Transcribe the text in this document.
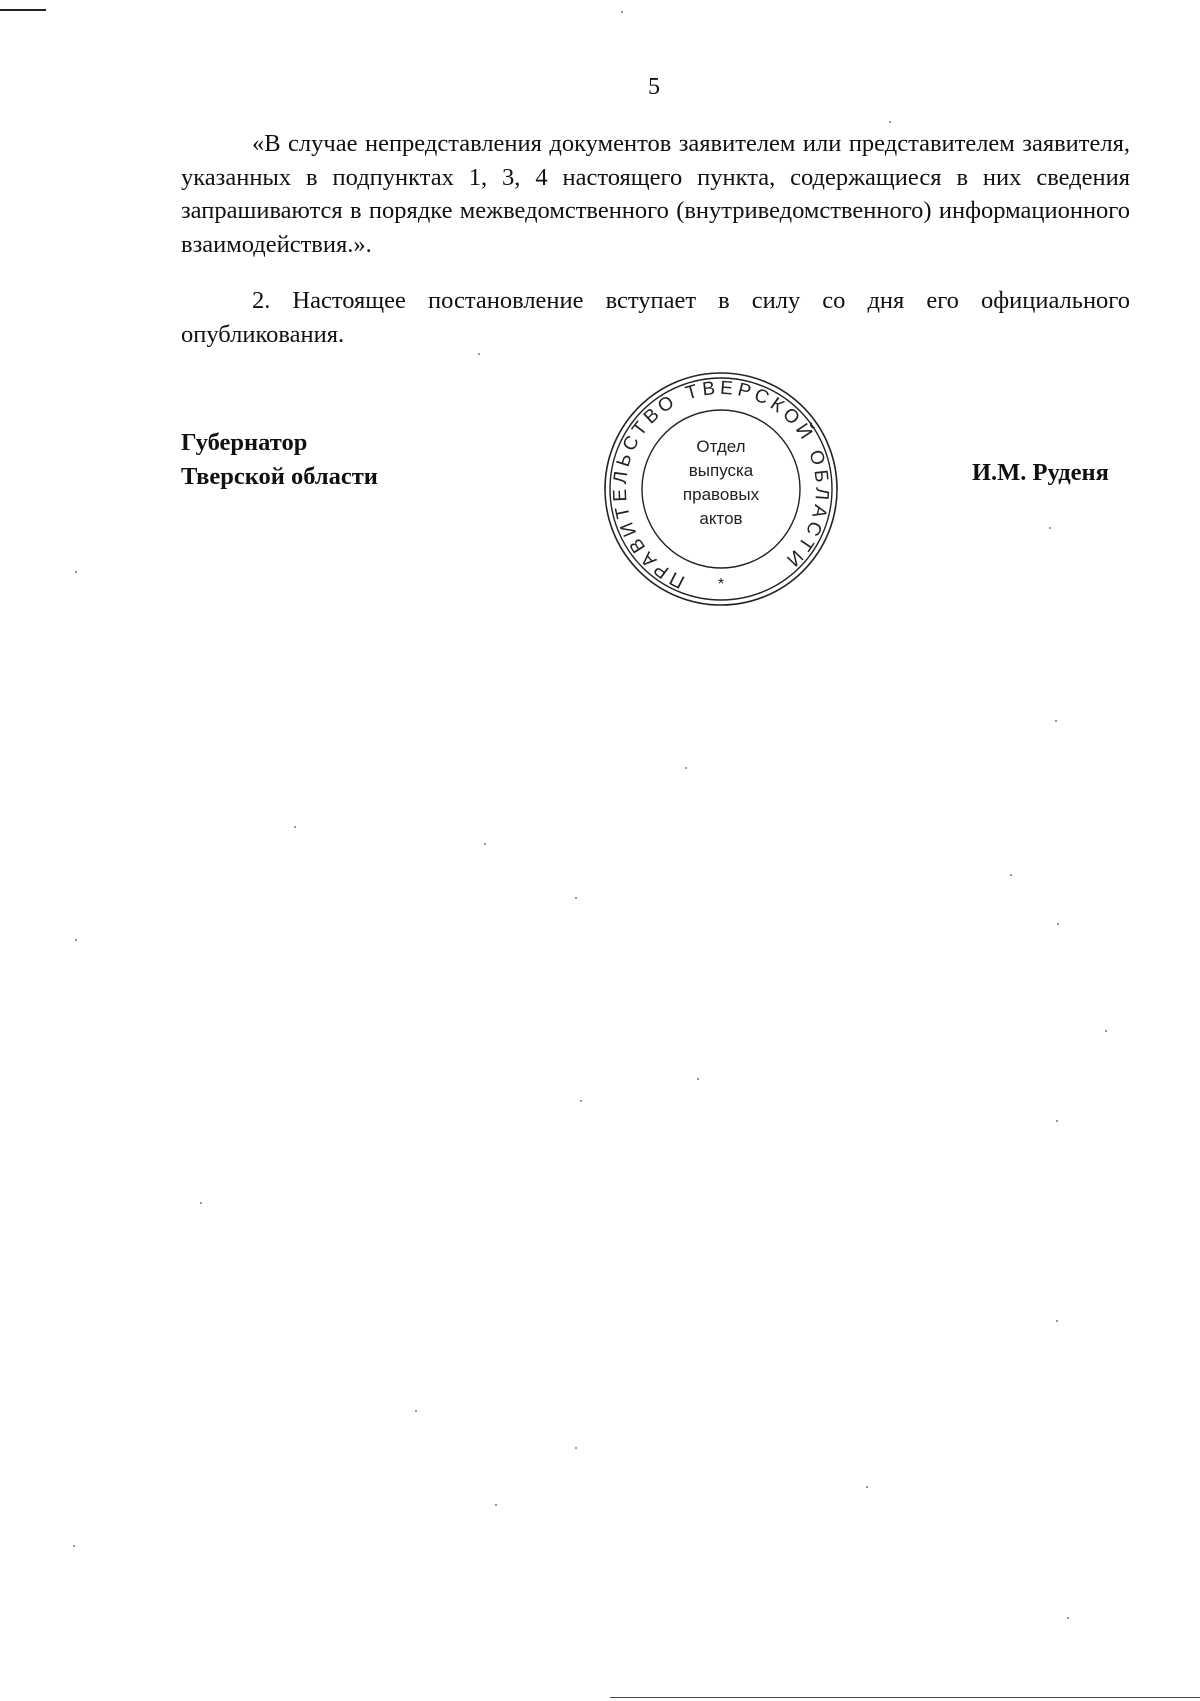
5

«В случае непредставления документов заявителем или представителем заявителя, указанных в подпунктах 1, 3, 4 настоящего пункта, содержащиеся в них сведения запрашиваются в порядке межведомственного (внутриведомственного) информационного взаимодействия.».

2. Настоящее постановление вступает в силу со дня его официального опубликования.

Губернатор
Тверской области
ПРАВИТЕЛЬСТВО ТВЕРСКОЙ ОБЛАСТИ
Отдел
выпуска
правовых
актов
*
И.М. Руденя
